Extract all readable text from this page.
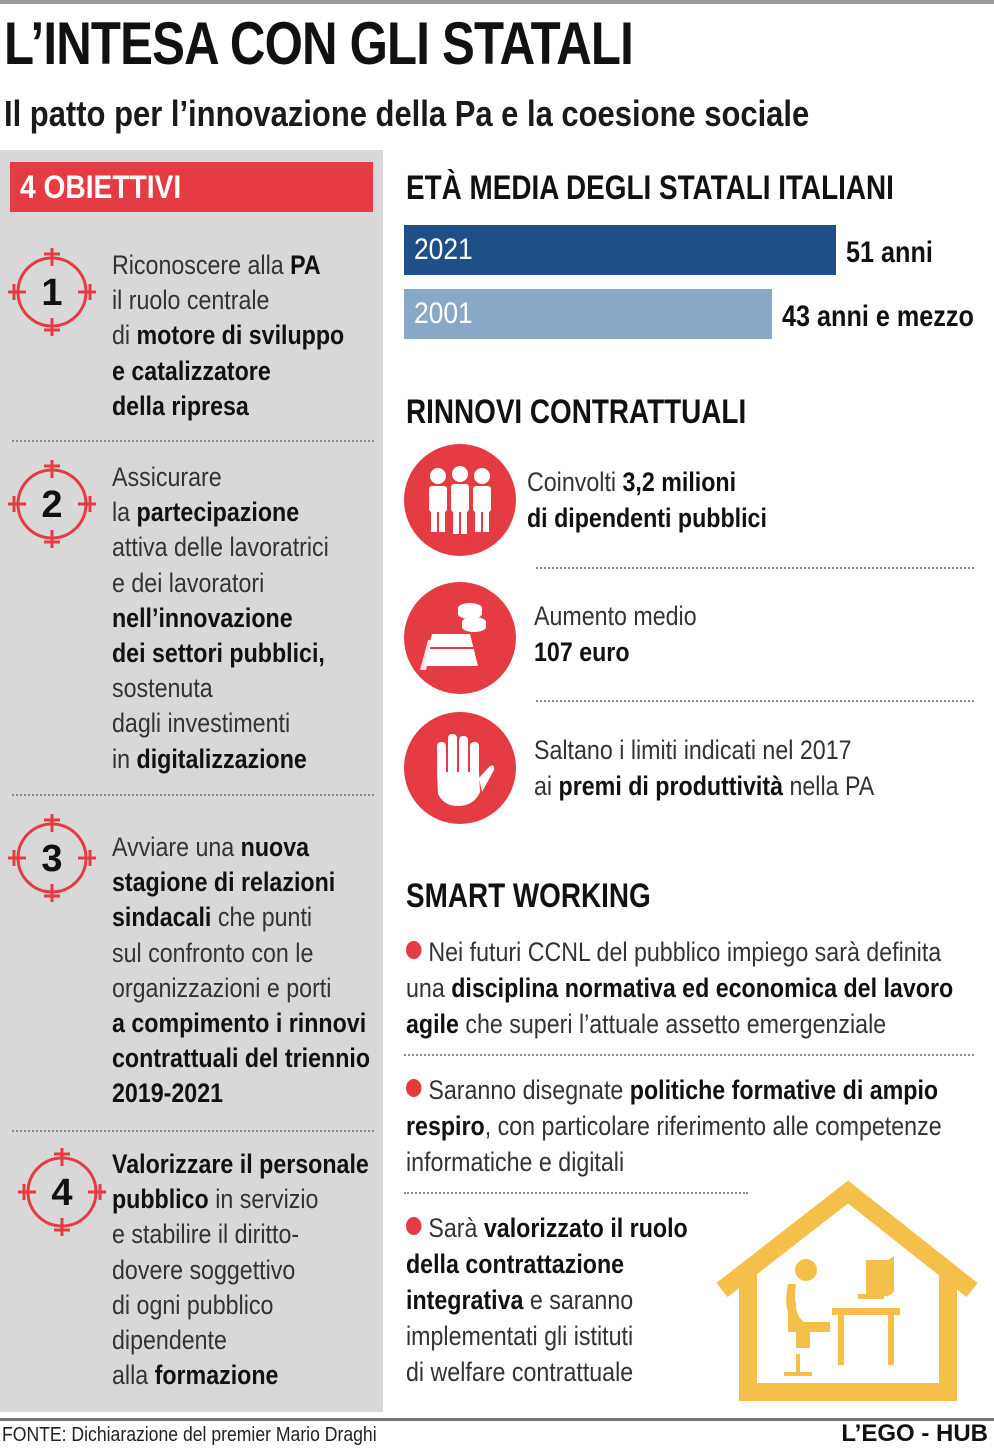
L’INTESA CON GLI STATALI
Il patto per l’innovazione della Pa e la coesione sociale
4 OBIETTIVI
1
Riconoscere alla PA
il ruolo centrale
di motore di sviluppo
e catalizzatore
della ripresa
2
Assicurare
la partecipazione
attiva delle lavoratrici
e dei lavoratori
nell’innovazione
dei settori pubblici,
sostenuta
dagli investimenti
in digitalizzazione
3 Avviare una nuova
stagione di relazioni
sindacali che punti
sul confronto con le
organizzazioni e porti
a compimento i rinnovi
contrattuali del triennio
2019-2021
4
Valorizzare il personale
pubblico in servizio
e stabilire il diritto-
dovere soggettivo
di ogni pubblico
dipendente
alla formazione
ETÀ MEDIA DEGLI STATALI ITALIANI
2021	51 anni
2001	43 anni e mezzo
RINNOVI CONTRATTUALI
Coinvolti 3,2 milioni
di dipendenti pubblici
Aumento medio
107 euro
Saltano i limiti indicati nel 2017
ai premi di produttività nella PA
SMART WORKING
Nei futuri CCNL del pubblico impiego sarà definita
una disciplina normativa ed economica del lavoro
agile che superi l’attuale assetto emergenziale
Saranno disegnate politiche formative di ampio
respiro, con particolare riferimento alle competenze
informatiche e digitali
Sarà valorizzato il ruolo
della contrattazione
integrativa e saranno
implementati gli istituti
di welfare contrattuale
FONTE: Dichiarazione del premier Mario Draghi	L’EGO - HUB
